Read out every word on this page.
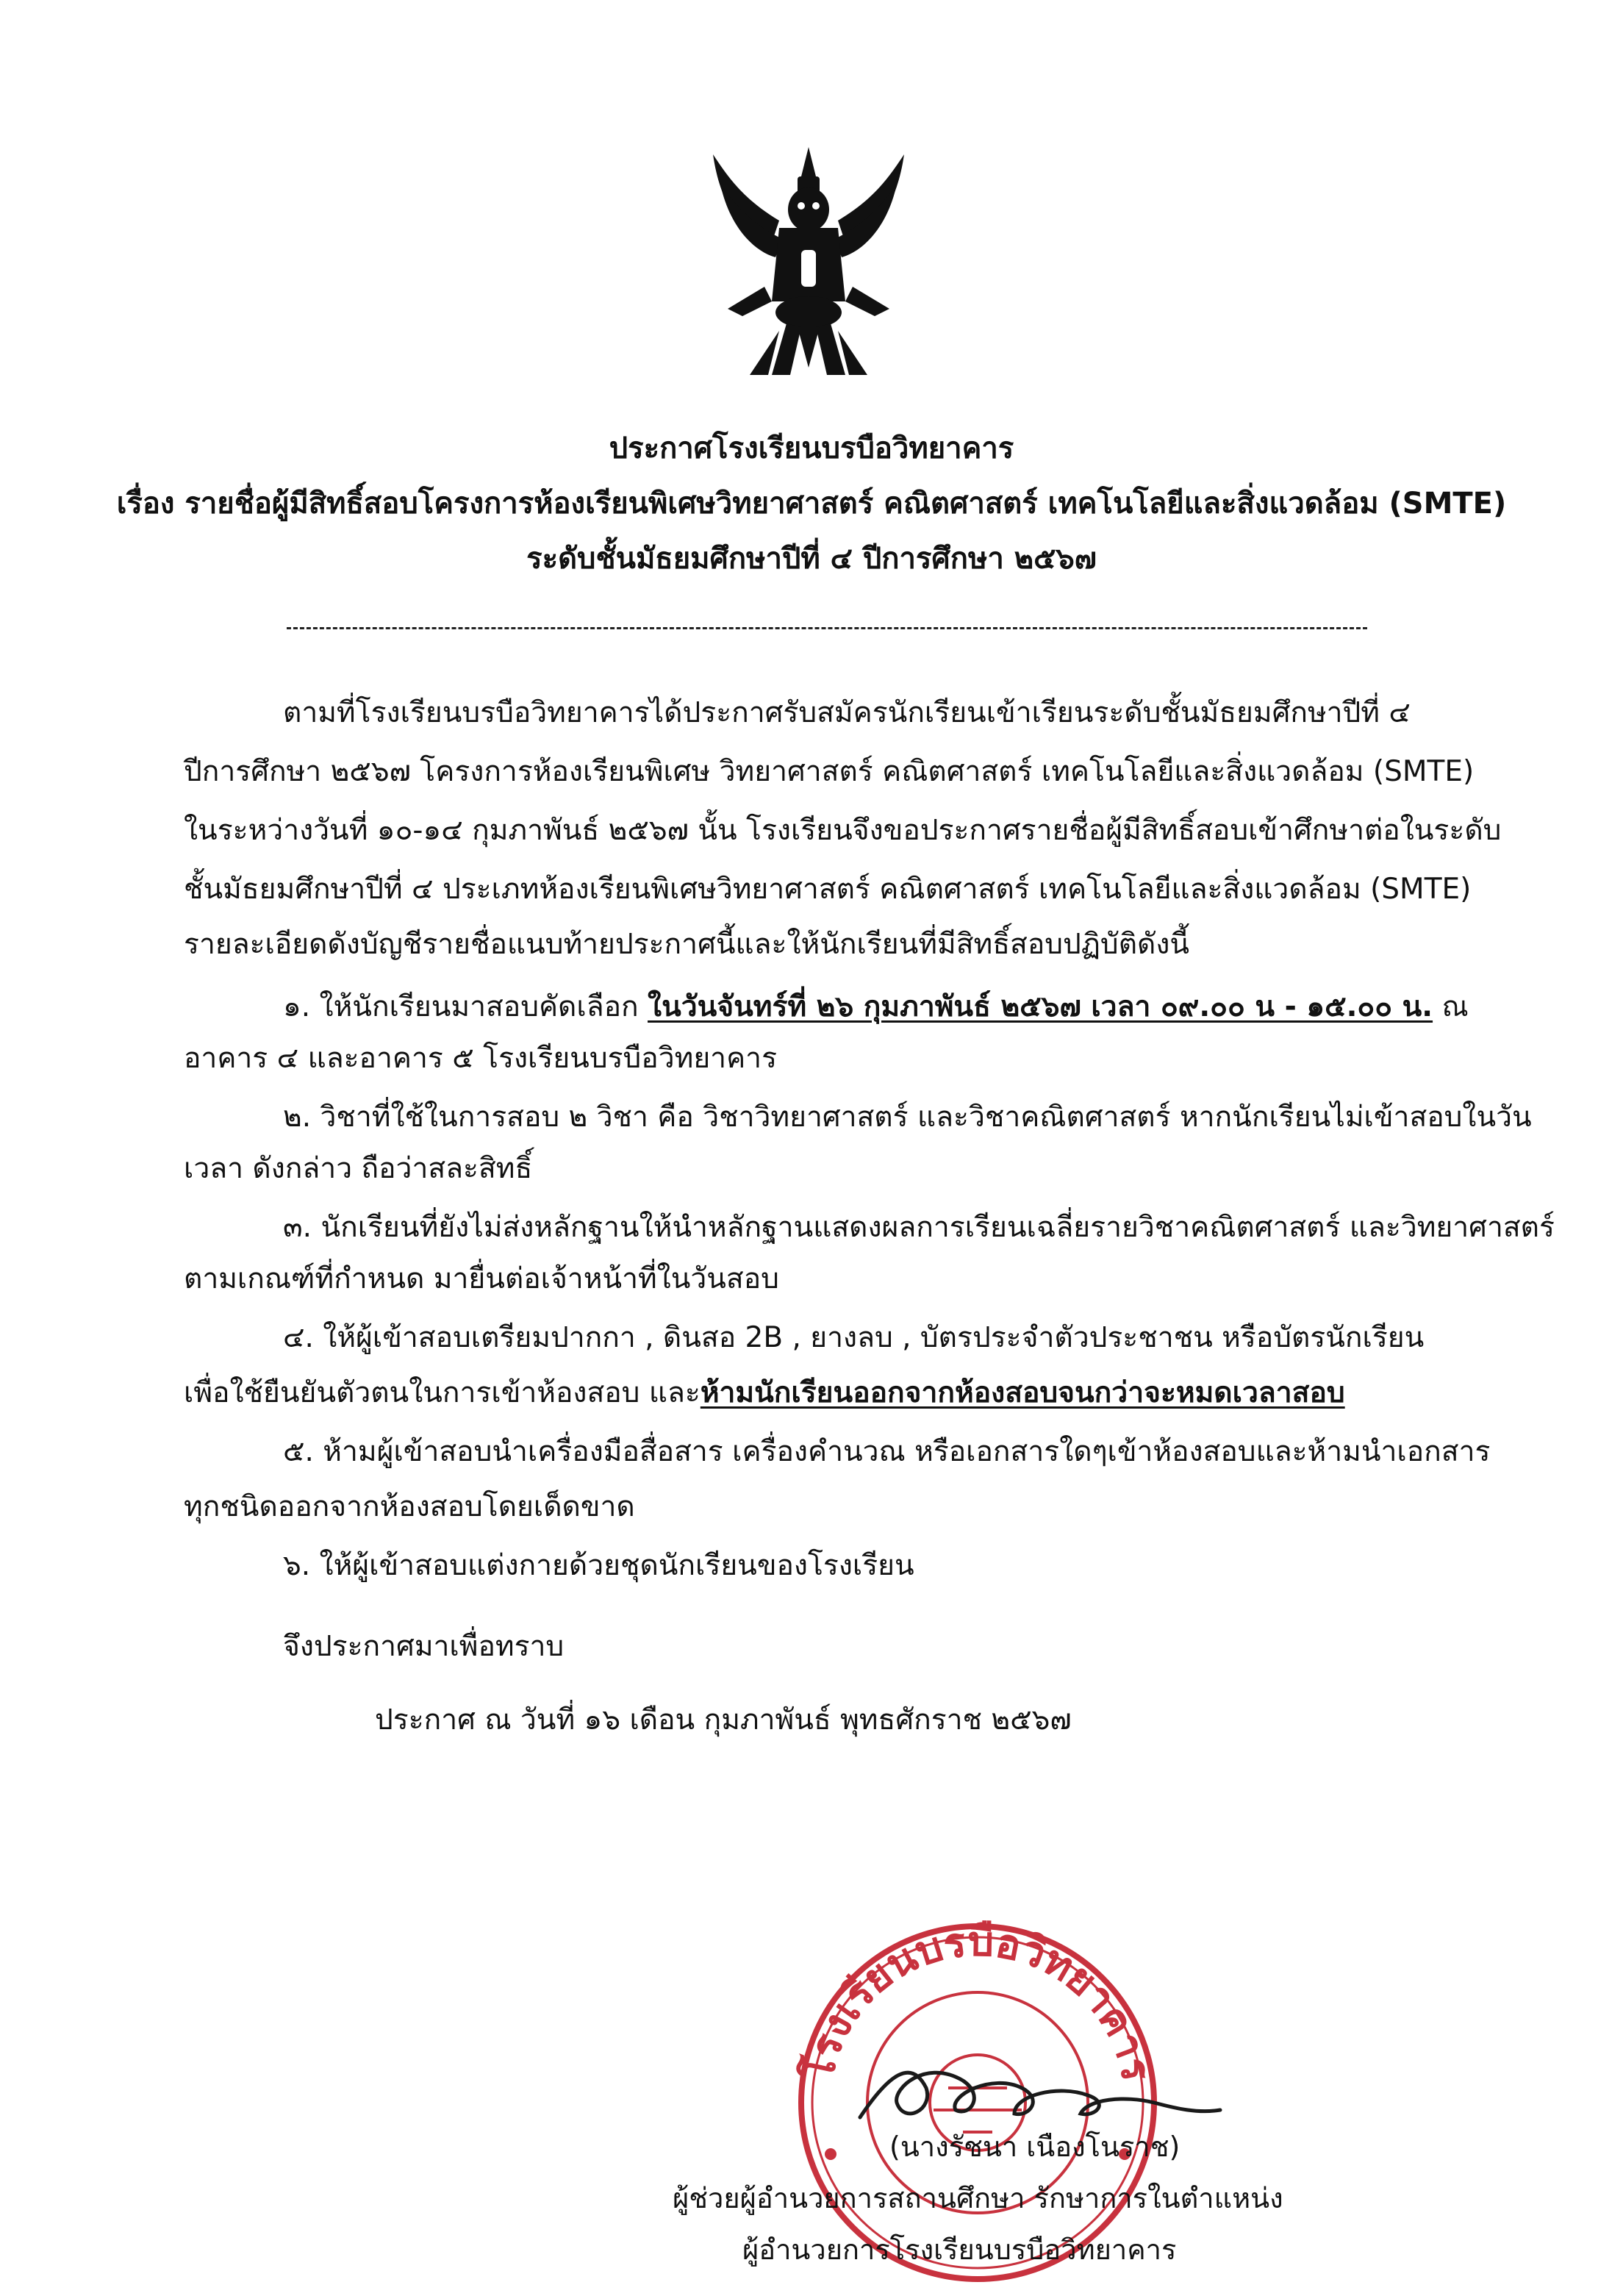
ประกาศโรงเรียนบรบือวิทยาคาร
เรื่อง รายชื่อผู้มีสิทธิ์สอบโครงการห้องเรียนพิเศษวิทยาศาสตร์ คณิตศาสตร์ เทคโนโลยีและสิ่งแวดล้อม (SMTE)
ระดับชั้นมัธยมศึกษาปีที่ ๔ ปีการศึกษา ๒๕๖๗
ตามที่โรงเรียนบรบือวิทยาคารได้ประกาศรับสมัครนักเรียนเข้าเรียนระดับชั้นมัธยมศึกษาปีที่ ๔
ปีการศึกษา ๒๕๖๗ โครงการห้องเรียนพิเศษ วิทยาศาสตร์ คณิตศาสตร์ เทคโนโลยีและสิ่งแวดล้อม (SMTE)
ในระหว่างวันที่ ๑๐-๑๔ กุมภาพันธ์ ๒๕๖๗ นั้น โรงเรียนจึงขอประกาศรายชื่อผู้มีสิทธิ์สอบเข้าศึกษาต่อในระดับ
ชั้นมัธยมศึกษาปีที่ ๔ ประเภทห้องเรียนพิเศษวิทยาศาสตร์ คณิตศาสตร์ เทคโนโลยีและสิ่งแวดล้อม (SMTE)
รายละเอียดดังบัญชีรายชื่อแนบท้ายประกาศนี้และให้นักเรียนที่มีสิทธิ์สอบปฏิบัติดังนี้
๑. ให้นักเรียนมาสอบคัดเลือก ในวันจันทร์ที่ ๒๖ กุมภาพันธ์ ๒๕๖๗ เวลา ๐๙.๐๐ น - ๑๕.๐๐ น. ณ
อาคาร ๔ และอาคาร ๕ โรงเรียนบรบือวิทยาคาร
๒. วิชาที่ใช้ในการสอบ ๒ วิชา คือ วิชาวิทยาศาสตร์ และวิชาคณิตศาสตร์ หากนักเรียนไม่เข้าสอบในวัน
เวลา ดังกล่าว ถือว่าสละสิทธิ์
๓. นักเรียนที่ยังไม่ส่งหลักฐานให้นำหลักฐานแสดงผลการเรียนเฉลี่ยรายวิชาคณิตศาสตร์ และวิทยาศาสตร์
ตามเกณฑ์ที่กำหนด มายื่นต่อเจ้าหน้าที่ในวันสอบ
๔. ให้ผู้เข้าสอบเตรียมปากกา , ดินสอ 2B , ยางลบ , บัตรประจำตัวประชาชน หรือบัตรนักเรียน
เพื่อใช้ยืนยันตัวตนในการเข้าห้องสอบ และห้ามนักเรียนออกจากห้องสอบจนกว่าจะหมดเวลาสอบ
๕. ห้ามผู้เข้าสอบนำเครื่องมือสื่อสาร เครื่องคำนวณ หรือเอกสารใดๆเข้าห้องสอบและห้ามนำเอกสาร
ทุกชนิดออกจากห้องสอบโดยเด็ดขาด
๖. ให้ผู้เข้าสอบแต่งกายด้วยชุดนักเรียนของโรงเรียน
จึงประกาศมาเพื่อทราบ
ประกาศ ณ วันที่ ๑๖ เดือน กุมภาพันธ์ พุทธศักราช ๒๕๖๗
โรงเรียนบรบือวิทยาคาร
(นางรัชนา เนืองโนราช)
ผู้ช่วยผู้อำนวยการสถานศึกษา รักษาการในตำแหน่ง
ผู้อำนวยการโรงเรียนบรบือวิทยาคาร
